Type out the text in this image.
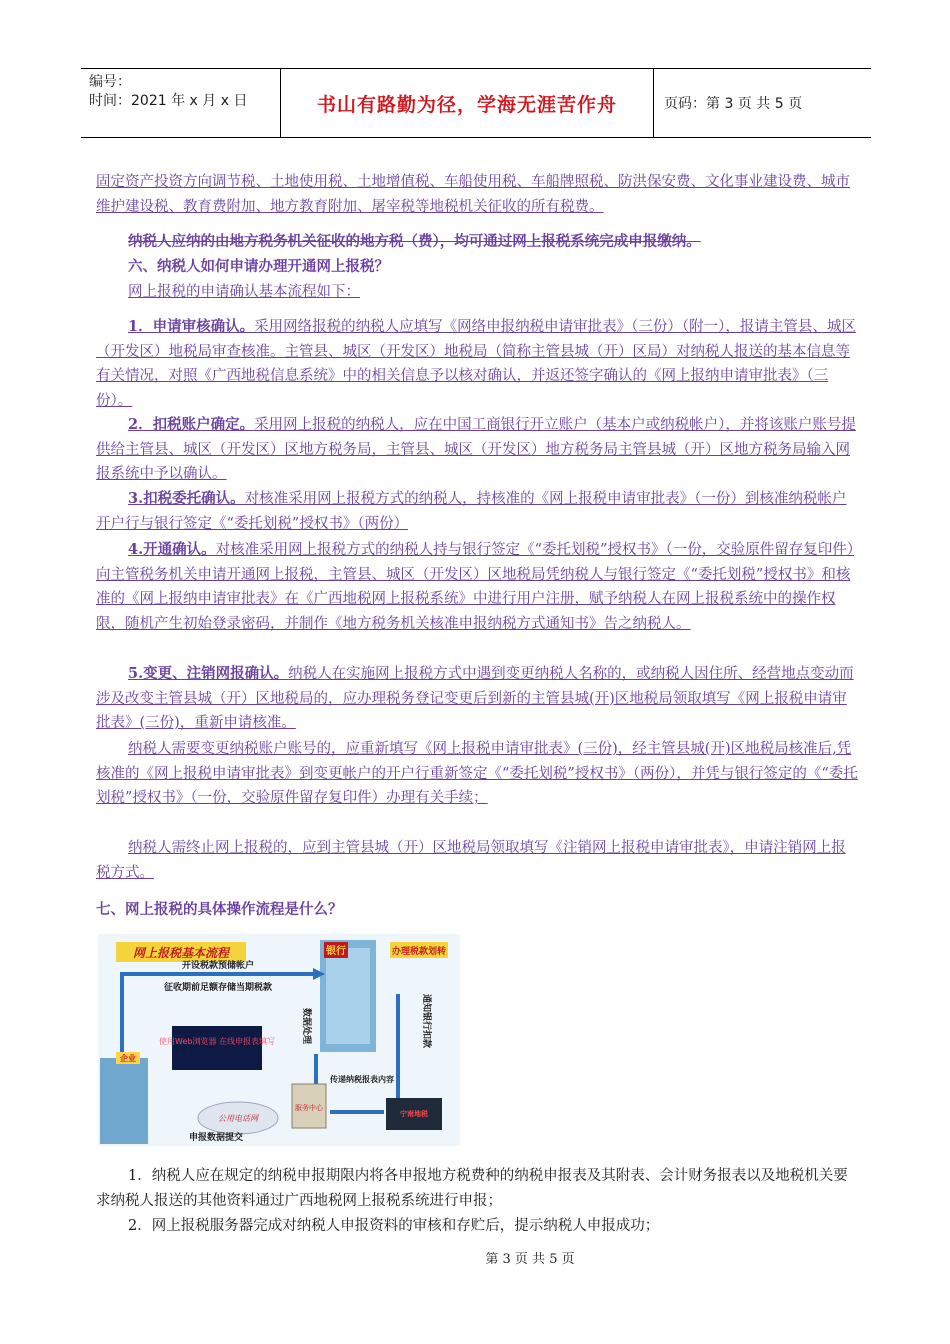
编号：
时间：2021 年 x 月 x 日	书山有路勤为径，学海无涯苦作舟	页码：第 3 页 共 5 页
固定资产投资方向调节税、土地使用税、土地增值税、车船使用税、车船牌照税、防洪保安费、文化事业建设费、城市维护建设税、教育费附加、地方教育附加、屠宰税等地税机关征收的所有税费。
纳税人应纳的由地方税务机关征收的地方税（费），均可通过网上报税系统完成申报缴纳。
六、纳税人如何申请办理开通网上报税？
网上报税的申请确认基本流程如下：
1．申请审核确认。采用网络报税的纳税人应填写《网络申报纳税申请审批表》（三份）（附一），报请主管县、城区（开发区）地税局审查核准。主管县、城区（开发区）地税局（简称主管县城（开）区局）对纳税人报送的基本信息等有关情况，对照《广西地税信息系统》中的相关信息予以核对确认，并返还签字确认的《网上报纳申请审批表》（三份）。
2．扣税账户确定。采用网上报税的纳税人，应在中国工商银行开立账户（基本户或纳税帐户），并将该账户账号提供给主管县、城区（开发区）区地方税务局，主管县、城区（开发区）地方税务局主管县城（开）区地方税务局输入网报系统中予以确认。
3.扣税委托确认。对核准采用网上报税方式的纳税人，持核准的《网上报税申请审批表》（一份）到核准纳税帐户开户行与银行签定《“委托划税”授权书》（两份）
4.开通确认。对核准采用网上报税方式的纳税人持与银行签定《“委托划税”授权书》（一份，交验原件留存复印件）向主管税务机关申请开通网上报税，主管县、城区（开发区）区地税局凭纳税人与银行签定《“委托划税”授权书》和核准的《网上报纳申请审批表》在《广西地税网上报税系统》中进行用户注册，赋予纳税人在网上报税系统中的操作权限，随机产生初始登录密码，并制作《地方税务机关核准申报纳税方式通知书》告之纳税人。
5.变更、注销网报确认。纳税人在实施网上报税方式中遇到变更纳税人名称的，或纳税人因住所、经营地点变动而涉及改变主管县城（开）区地税局的，应办理税务登记变更后到新的主管县城(开)区地税局领取填写《网上报税申请审批表》(三份)，重新申请核准。
纳税人需要变更纳税账户账号的，应重新填写《网上报税申请审批表》(三份)，经主管县城(开)区地税局核准后,凭核准的《网上报税申请审批表》到变更帐户的开户行重新签定《“委托划税”授权书》（两份），并凭与银行签定的《“委托划税”授权书》（一份，交验原件留存复印件）办理有关手续；
纳税人需终止网上报税的，应到主管县城（开）区地税局领取填写《注销网上报税申请审批表》，申请注销网上报税方式。
七、网上报税的具体操作流程是什么？
网上报税基本流程	银行	办理税款划转
开设税款预储帐户
征收期前足额存储当期税款
数据处理	通知银行扣款
企业
使用Web浏览器 在线申报表填写
公用电话网
服务中心
传递纳税报表内容
宁南地税
申报数据提交
1．纳税人应在规定的纳税申报期限内将各申报地方税费种的纳税申报表及其附表、会计财务报表以及地税机关要求纳税人报送的其他资料通过广西地税网上报税系统进行申报；
2．网上报税服务器完成对纳税人申报资料的审核和存贮后，提示纳税人申报成功；
第 3 页 共 5 页
